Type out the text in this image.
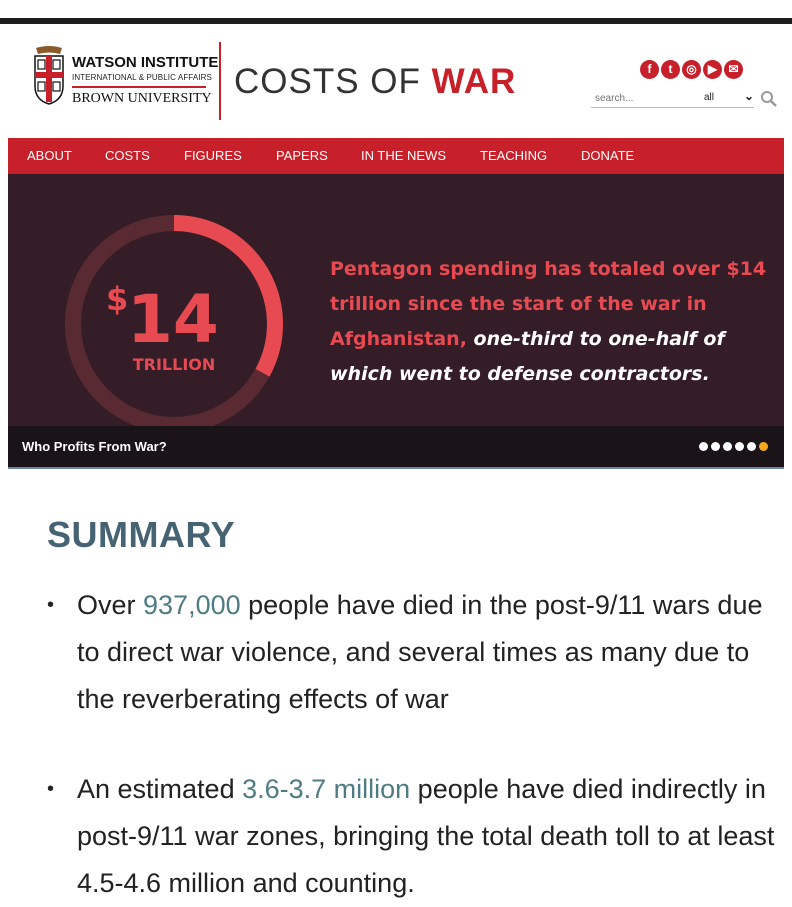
WATSON INSTITUTE
INTERNATIONAL & PUBLIC AFFAIRS
BROWN UNIVERSITY COSTS OF WAR	f t ◎ ▶ ✉
search...
all ⌄
ABOUT	COSTS	FIGURES	PAPERS	IN THE NEWS	TEACHING	DONATE
$
14
TRILLION
Pentagon spending has totaled over $14 trillion since the start of the war in Afghanistan, one-third to one-half of which went to defense contractors.
Who Profits From War?
SUMMARY
• Over 937,000 people have died in the post-9/11 wars due to direct war violence, and several times as many due to the reverberating effects of war
• An estimated 3.6-3.7 million people have died indirectly in post-9/11 war zones, bringing the total death toll to at least 4.5-4.6 million and counting.
